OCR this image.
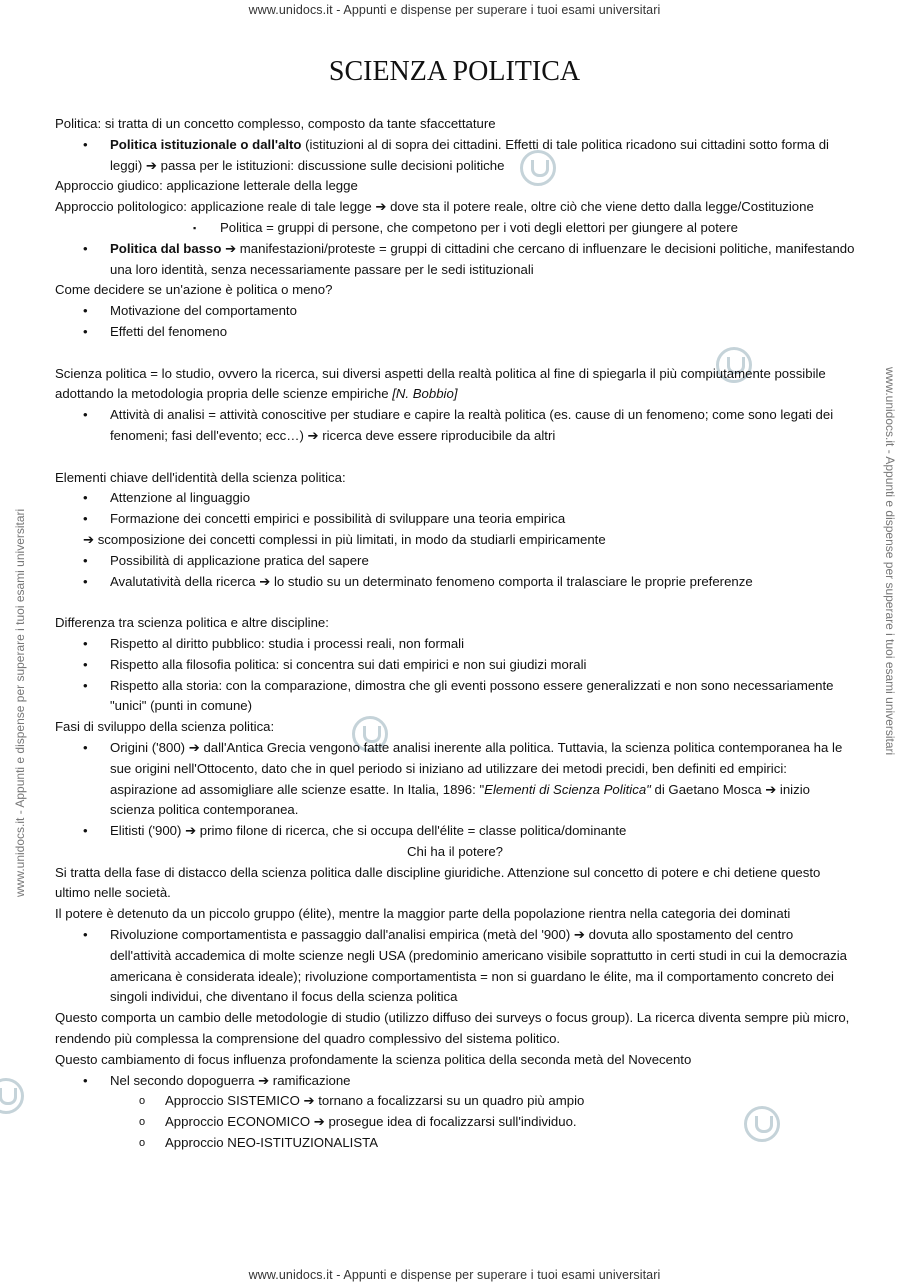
www.unidocs.it - Appunti e dispense per superare i tuoi esami universitari
www.unidocs.it - Appunti e dispense per superare i tuoi esami universitari	www.unidocs.it - Appunti e dispense per superare i tuoi esami universitari
SCIENZA POLITICA

Politica: si tratta di un concetto complesso, composto da tante sfaccettature

• Politica istituzionale o dall'alto (istituzioni al di sopra dei cittadini. Effetti di tale politica ricadono sui cittadini sotto forma di leggi) ➔ passa per le istituzioni: discussione sulle decisioni politiche

Approccio giudico: applicazione letterale della legge

Approccio politologico: applicazione reale di tale legge ➔ dove sta il potere reale, oltre ciò che viene detto dalla legge/Costituzione

▪ Politica = gruppi di persone, che competono per i voti degli elettori per giungere al potere

• Politica dal basso ➔ manifestazioni/proteste = gruppi di cittadini che cercano di influenzare le decisioni politiche, manifestando una loro identità, senza necessariamente passare per le sedi istituzionali

Come decidere se un'azione è politica o meno?

• Motivazione del comportamento

• Effetti del fenomeno

Scienza politica = lo studio, ovvero la ricerca, sui diversi aspetti della realtà politica al fine di spiegarla il più compiutamente possibile adottando la metodologia propria delle scienze empiriche [N. Bobbio]

• Attività di analisi = attività conoscitive per studiare e capire la realtà politica (es. cause di un fenomeno; come sono legati dei fenomeni; fasi dell'evento; ecc…) ➔ ricerca deve essere riproducibile da altri

Elementi chiave dell'identità della scienza politica:

• Attenzione al linguaggio

• Formazione dei concetti empirici e possibilità di sviluppare una teoria empirica

➔ scomposizione dei concetti complessi in più limitati, in modo da studiarli empiricamente

• Possibilità di applicazione pratica del sapere

• Avalutatività della ricerca ➔ lo studio su un determinato fenomeno comporta il tralasciare le proprie preferenze

Differenza tra scienza politica e altre discipline:

• Rispetto al diritto pubblico: studia i processi reali, non formali

• Rispetto alla filosofia politica: si concentra sui dati empirici e non sui giudizi morali

• Rispetto alla storia: con la comparazione, dimostra che gli eventi possono essere generalizzati e non sono necessariamente "unici" (punti in comune)

Fasi di sviluppo della scienza politica:

• Origini ('800) ➔ dall'Antica Grecia vengono fatte analisi inerente alla politica. Tuttavia, la scienza politica contemporanea ha le sue origini nell'Ottocento, dato che in quel periodo si iniziano ad utilizzare dei metodi precidi, ben definiti ed empirici: aspirazione ad assomigliare alle scienze esatte. In Italia, 1896: "Elementi di Scienza Politica" di Gaetano Mosca ➔ inizio scienza politica contemporanea.

• Elitisti ('900) ➔ primo filone di ricerca, che si occupa dell'élite = classe politica/dominante

Chi ha il potere?

Si tratta della fase di distacco della scienza politica dalle discipline giuridiche. Attenzione sul concetto di potere e chi detiene questo ultimo nelle società.

Il potere è detenuto da un piccolo gruppo (élite), mentre la maggior parte della popolazione rientra nella categoria dei dominati

• Rivoluzione comportamentista e passaggio dall'analisi empirica (metà del '900) ➔ dovuta allo spostamento del centro dell'attività accademica di molte scienze negli USA (predominio americano visibile soprattutto in certi studi in cui la democrazia americana è considerata ideale); rivoluzione comportamentista = non si guardano le élite, ma il comportamento concreto dei singoli individui, che diventano il focus della scienza politica

Questo comporta un cambio delle metodologie di studio (utilizzo diffuso dei surveys o focus group). La ricerca diventa sempre più micro, rendendo più complessa la comprensione del quadro complessivo del sistema politico.

Questo cambiamento di focus influenza profondamente la scienza politica della seconda metà del Novecento

• Nel secondo dopoguerra ➔ ramificazione

o Approccio SISTEMICO ➔ tornano a focalizzarsi su un quadro più ampio

o Approccio ECONOMICO ➔ prosegue idea di focalizzarsi sull'individuo.

o Approccio NEO-ISTITUZIONALISTA

www.unidocs.it - Appunti e dispense per superare i tuoi esami universitari
